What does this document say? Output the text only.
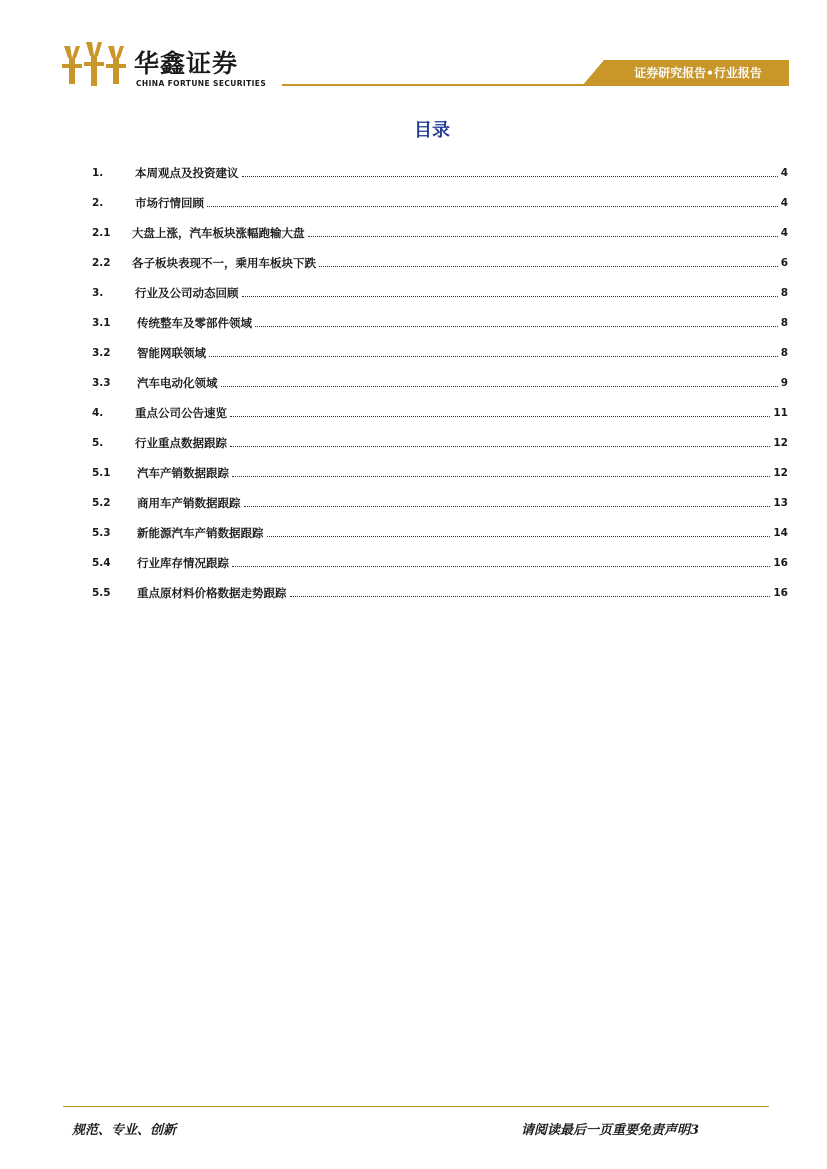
华鑫证券
CHINA FORTUNE SECURITIES
证券研究报告•行业报告
目录
1.	本周观点及投资建议	4
2.	市场行情回顾	4
2.1	大盘上涨，汽车板块涨幅跑输大盘	4
2.2	各子板块表现不一，乘用车板块下跌	6
3.	行业及公司动态回顾	8
3.1	传统整车及零部件领域	8
3.2	智能网联领域	8
3.3	汽车电动化领域	9
4.	重点公司公告速览	11
5.	行业重点数据跟踪	12
5.1	汽车产销数据跟踪	12
5.2	商用车产销数据跟踪	13
5.3	新能源汽车产销数据跟踪	14
5.4	行业库存情况跟踪	16
5.5	重点原材料价格数据走势跟踪	16
规范、专业、创新	请阅读最后一页重要免责声明3
